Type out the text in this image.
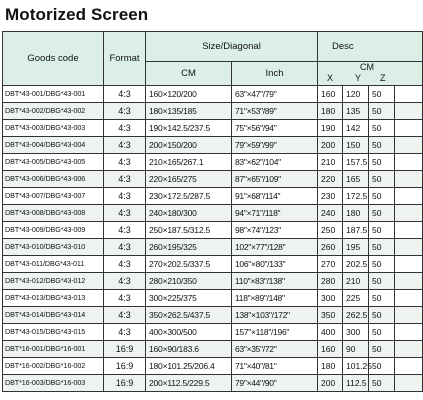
Motorized Screen
Goods code	Format	Size/Diagonal		Desc			
		CM	Inch	CM
X Y Z			

DBT*43-001/DBG*43-001	4:3	160×120/200	63"×47"/79"	160	120	50	
DBT*43-002/DBG*43-002	4:3	180×135/185	71"×53"/89"	180	135	50	
DBT*43-003/DBG*43-003	4:3	190×142.5/237.5	75"×56"/94"	190	142	50	
DBT*43-004/DBG*43-004	4:3	200×150/200	79"×59"/99"	200	150	50	
DBT*43-005/DBG*43-005	4:3	210×165/267.1	83"×62"/104"	210	157.5	50	
DBT*43-006/DBG*43-006	4:3	220×165/275	87"×65"/109"	220	165	50	
DBT*43-007/DBG*43-007	4:3	230×172.5/287.5	91"×68"/114"	230	172.5	50	
DBT*43-008/DBG*43-008	4:3	240×180/300	94"×71"/118"	240	180	50	
DBT*43-009/DBG*43-009	4:3	250×187.5/312.5	98"×74"/123"	250	187.5	50	
DBT*43-010/DBG*43-010	4:3	260×195/325	102"×77"/128"	260	195	50	
DBT*43-011/DBG*43-011	4:3	270×202.5/337.5	106"×80"/133"	270	202.5	50	
DBT*43-012/DBG*43-012	4:3	280×210/350	110"×83"/138"	280	210	50	
DBT*43-013/DBG*43-013	4:3	300×225/375	118"×89"/148"	300	225	50	
DBT*43-014/DBG*43-014	4:3	350×262.5/437.5	138"×103"/172"	350	262.5	50	
DBT*43-015/DBG*43-015	4:3	400×300/500	157"×118"/196"	400	300	50	
DBT*16-001/DBG*16-001	16:9	160×90/183.6	63"×35"/72"	160	90	50	
DBT*16-002/DBG*16-002	16:9	180×101.25/206.4	71"×40"/81"	180	101.25	50	
DBT*16-003/DBG*16-003	16:9	200×112.5/229.5	79"×44"/90"	200	112.5	50	
